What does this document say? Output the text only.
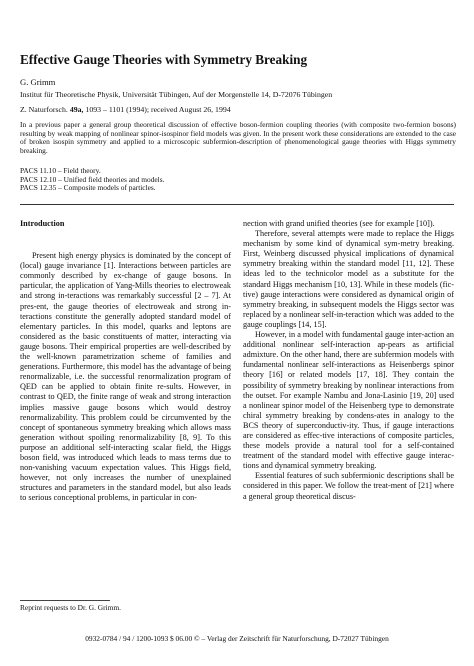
Effective Gauge Theories with Symmetry Breaking
G. Grimm
Institut für Theoretische Physik, Universität Tübingen, Auf der Morgenstelle 14, D-72076 Tübingen
Z. Naturforsch. 49a, 1093 – 1101 (1994); received August 26, 1994
In a previous paper a general group theoretical discussion of effective boson-fermion coupling theories (with composite two-fermion bosons) resulting by weak mapping of nonlinear spinor-isospinor field models was given. In the present work these considerations are extended to the case of broken isospin symmetry and applied to a microscopic subfermion-description of phenomenological gauge theories with Higgs symmetry breaking.
PACS 11.10 – Field theory.
PACS 12.10 – Unified field theories and models.
PACS 12.35 – Composite models of particles.
Introduction

Present high energy physics is dominated by the concept of (local) gauge invariance [1]. Interactions between particles are commonly described by ex-change of gauge bosons. In particular, the application of Yang-Mills theories to electroweak and strong in-teractions was remarkably successful [2 – 7]. At pres-ent, the gauge theories of electroweak and strong in-teractions constitute the generally adopted standard model of elementary particles. In this model, quarks and leptons are considered as the basic constituents of matter, interacting via gauge bosons. Their empirical properties are well-described by the well-known parametrization scheme of families and generations. Furthermore, this model has the advantage of being renormalizable, i.e. the successful renormalization program of QED can be applied to obtain finite re-sults. However, in contrast to QED, the finite range of weak and strong interaction implies massive gauge bosons which would destroy renormalizability. This problem could be circumvented by the concept of spontaneous symmetry breaking which allows mass generation without spoiling renormalizability [8, 9]. To this purpose an additional self-interacting scalar field, the Higgs boson field, was introduced which leads to mass terms due to non-vanishing vacuum expectation values. This Higgs field, however, not only increases the number of unexplained structures and parameters in the standard model, but also leads to serious conceptional problems, in particular in con-

nection with grand unified theories (see for example [10]).

Therefore, several attempts were made to replace the Higgs mechanism by some kind of dynamical sym-metry breaking. First, Weinberg discussed physical implications of dynamical symmetry breaking within the standard model [11, 12]. These ideas led to the technicolor model as a substitute for the standard Higgs mechanism [10, 13]. While in these models (fic-tive) gauge interactions were considered as dynamical origin of symmetry breaking, in subsequent models the Higgs sector was replaced by a nonlinear self-in-teraction which was added to the gauge couplings [14, 15].

However, in a model with fundamental gauge inter-action an additional nonlinear self-interaction ap-pears as artificial admixture. On the other hand, there are subfermion models with fundamental nonlinear self-interactions as Heisenbergs spinor theory [16] or related models [17, 18]. They contain the possibility of symmetry breaking by nonlinear interactions from the outset. For example Nambu and Jona-Lasinio [19, 20] used a nonlinear spinor model of the Heisenberg type to demonstrate chiral symmetry breaking by condens-ates in analogy to the BCS theory of superconductiv-ity. Thus, if gauge interactions are considered as effec-tive interactions of composite particles, these models provide a natural tool for a self-contained treatment of the standard model with effective gauge interac-tions and dynamical symmetry breaking.

Essential features of such subfermionic descriptions shall be considered in this paper. We follow the treat-ment of [21] where a general group theoretical discus-

Reprint requests to Dr. G. Grimm.
0932-0784 / 94 / 1200-1093 $ 06.00 © – Verlag der Zeitschrift für Naturforschung, D-72027 Tübingen
